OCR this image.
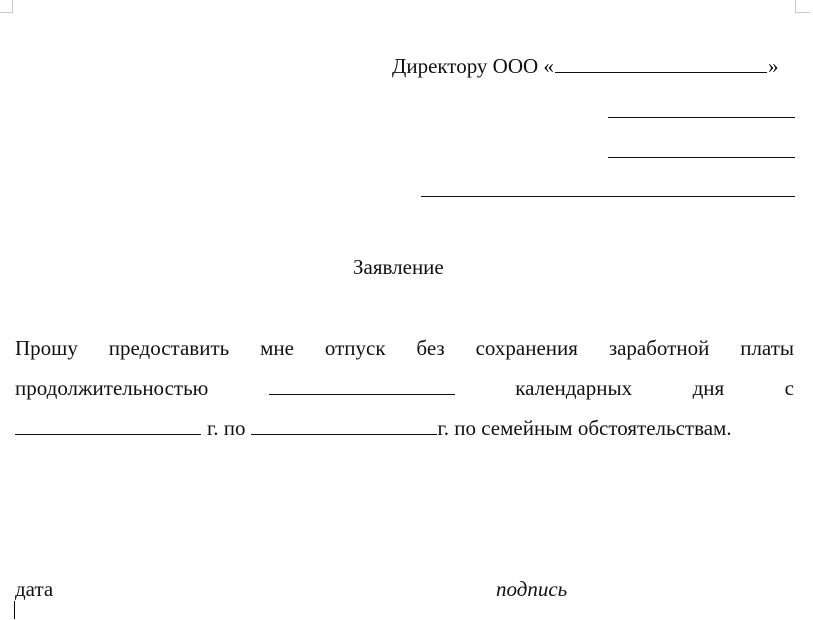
Директору ООО «	»
Заявление
Прошу предоставить мне отпуск без сохранения заработной платы
продолжительностью	календарных	дня	с
г. по	г. по семейным обстоятельствам.
дата	подпись
